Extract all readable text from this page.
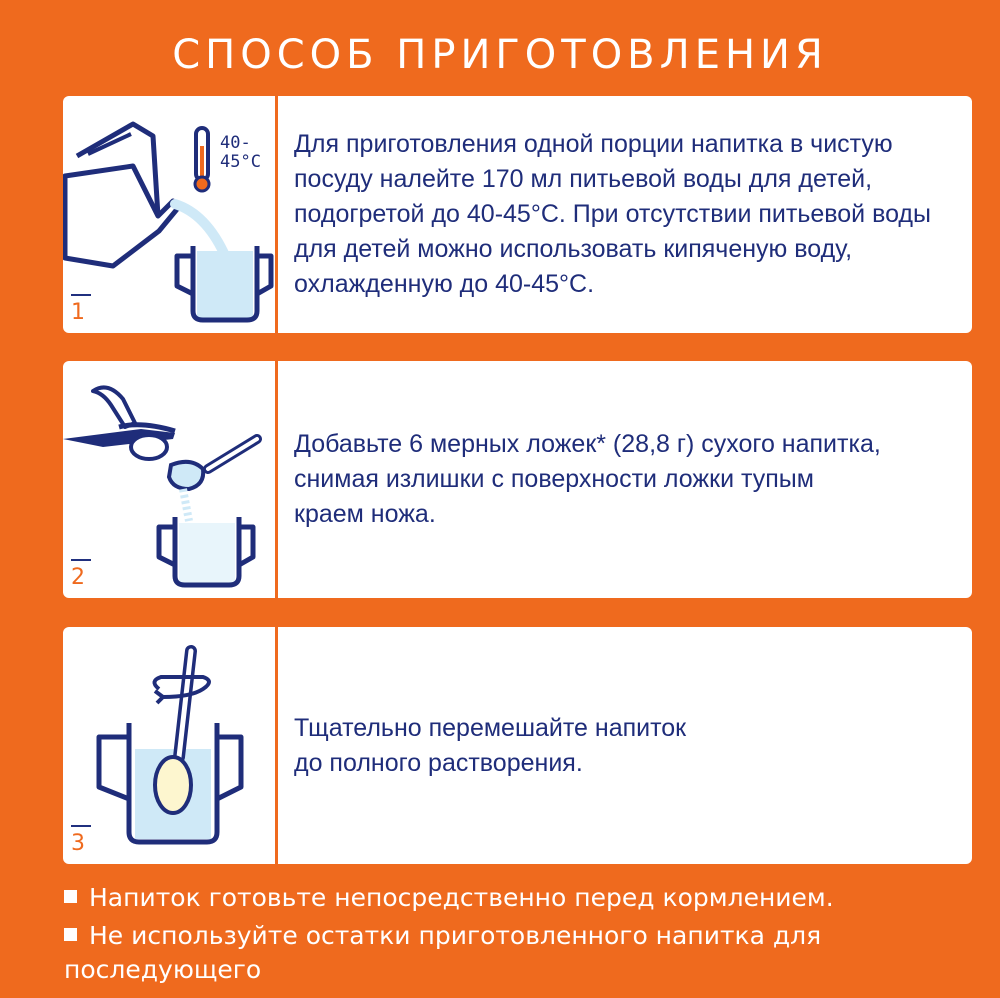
СПОСОБ ПРИГОТОВЛЕНИЯ
40-
45°С
1
Для приготовления одной порции напитка в чистую
посуду налейте 170 мл питьевой воды для детей,
подогретой до 40-45°С. При отсутствии питьевой воды
для детей можно использовать кипяченую воду,
охлажденную до 40-45°С.
2
Добавьте 6 мерных ложек* (28,8 г) сухого напитка,
снимая излишки с поверхности ложки тупым
краем ножа.
3
Тщательно перемешайте напиток
до полного растворения.
Напиток готовьте непосредственно перед кормлением.
Не используйте остатки приготовленного напитка для последующего
